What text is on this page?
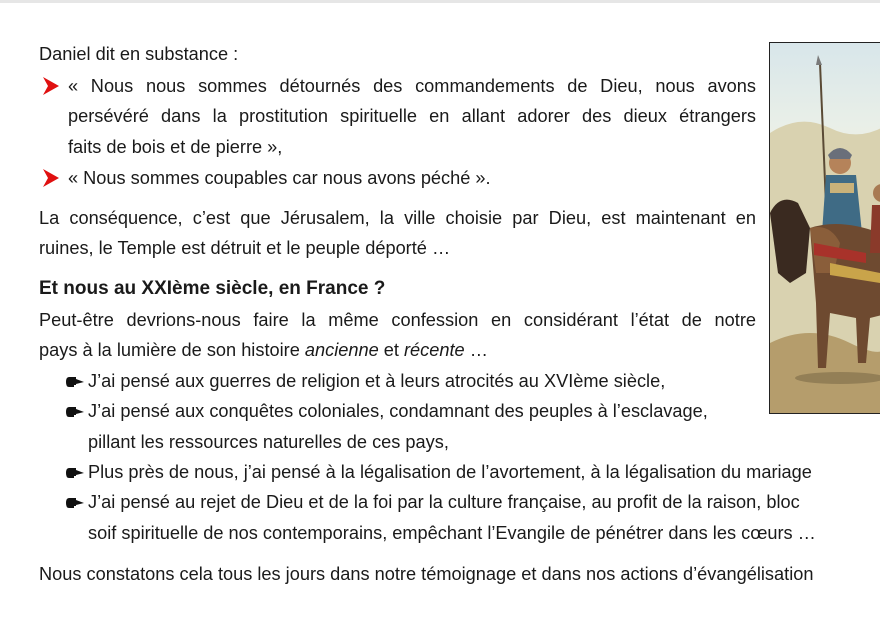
Daniel dit en substance :
« Nous nous sommes détournés des commandements de Dieu, nous avons
persévéré dans la prostitution spirituelle en allant adorer des dieux étrangers
faits de bois et de pierre »,
« Nous sommes coupables car nous avons péché ».
La conséquence, c’est que Jérusalem, la ville choisie par Dieu, est maintenant en
ruines, le Temple est détruit et le peuple déporté …
Et nous au XXIème siècle, en France ?
Peut-être devrions-nous faire la même confession en considérant l’état de notre
pays à la lumière de son histoire ancienne et récente …
J’ai pensé aux guerres de religion et à leurs atrocités au XVIème siècle,
J’ai pensé aux conquêtes coloniales, condamnant des peuples à l’esclavage,
pillant les ressources naturelles de ces pays,
Plus près de nous, j’ai pensé à la légalisation de l’avortement, à la légalisation du mariage
J’ai pensé au rejet de Dieu et de la foi par la culture française, au profit de la raison, bloc
soif spirituelle de nos contemporains, empêchant l’Evangile de pénétrer dans les cœurs …
Nous constatons cela tous les jours dans notre témoignage et dans nos actions d’évangélisation
